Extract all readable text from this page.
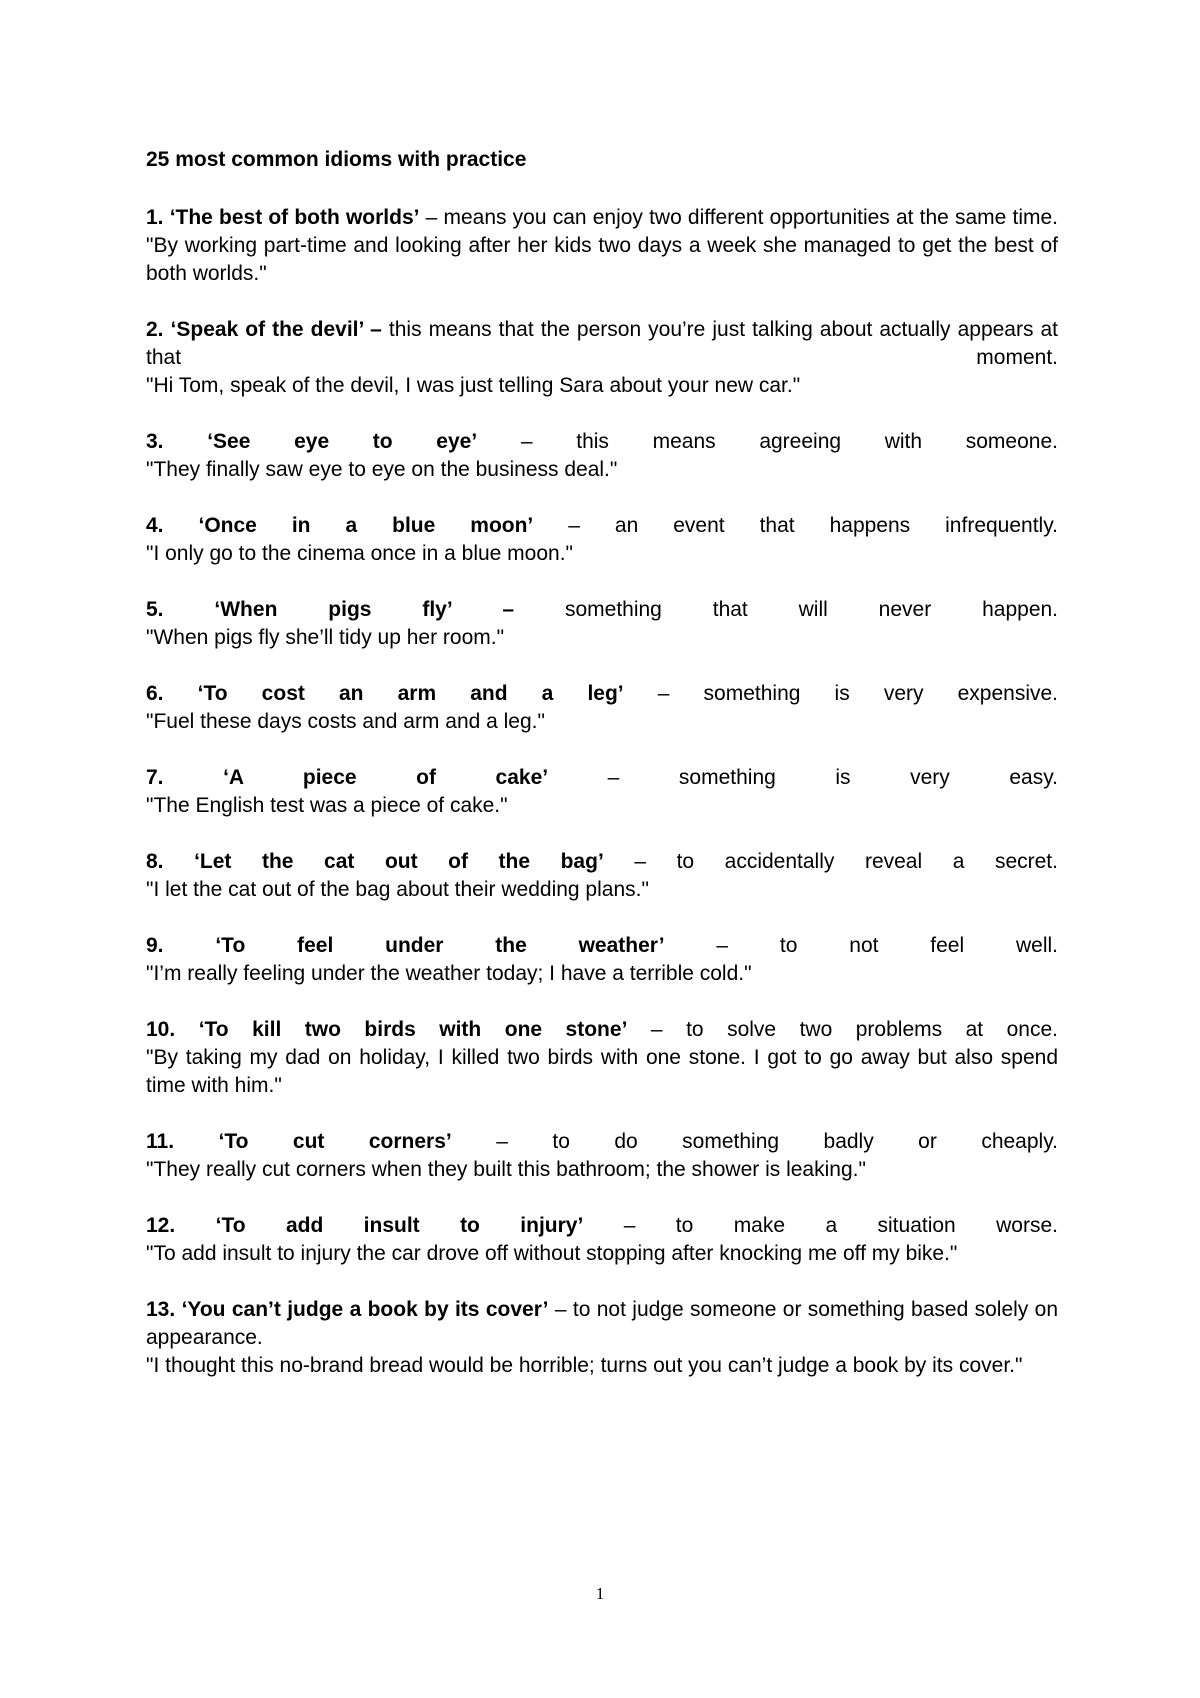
25 most common idioms with practice

1. ‘The best of both worlds’ – means you can enjoy two different opportunities at the same time.

"By working part-time and looking after her kids two days a week she managed to get the best of both worlds."

2. ‘Speak of the devil’ – this means that the person you’re just talking about actually appears at that moment.

"Hi Tom, speak of the devil, I was just telling Sara about your new car."

3. ‘See eye to eye’ – this means agreeing with someone.

"They finally saw eye to eye on the business deal."

4. ‘Once in a blue moon’ – an event that happens infrequently.

"I only go to the cinema once in a blue moon."

5. ‘When pigs fly’ – something that will never happen.

"When pigs fly she’ll tidy up her room."

6. ‘To cost an arm and a leg’ – something is very expensive.

"Fuel these days costs and arm and a leg."

7.	‘A piece of cake’	– something is very easy.

"The English test was a piece of cake."

8. ‘Let the cat out of the bag’ – to accidentally reveal a secret.

"I let the cat out of the bag about their wedding plans."

9. ‘To feel under the weather’ – to not feel well.

"I’m really feeling under the weather today; I have a terrible cold."

10. ‘To kill two birds with one stone’ – to solve two problems at once.

"By taking my dad on holiday, I killed two birds with one stone. I got to go away but also spend time with him."

11. ‘To cut corners’ – to do something badly or cheaply.

"They really cut corners when they built this bathroom; the shower is leaking."

12. ‘To add insult to injury’ – to make a situation worse.

"To add insult to injury the car drove off without stopping after knocking me off my bike."

13. ‘You can’t judge a book by its cover’ – to not judge someone or something based solely on appearance.

"I thought this no-brand bread would be horrible; turns out you can’t judge a book by its cover."

1
